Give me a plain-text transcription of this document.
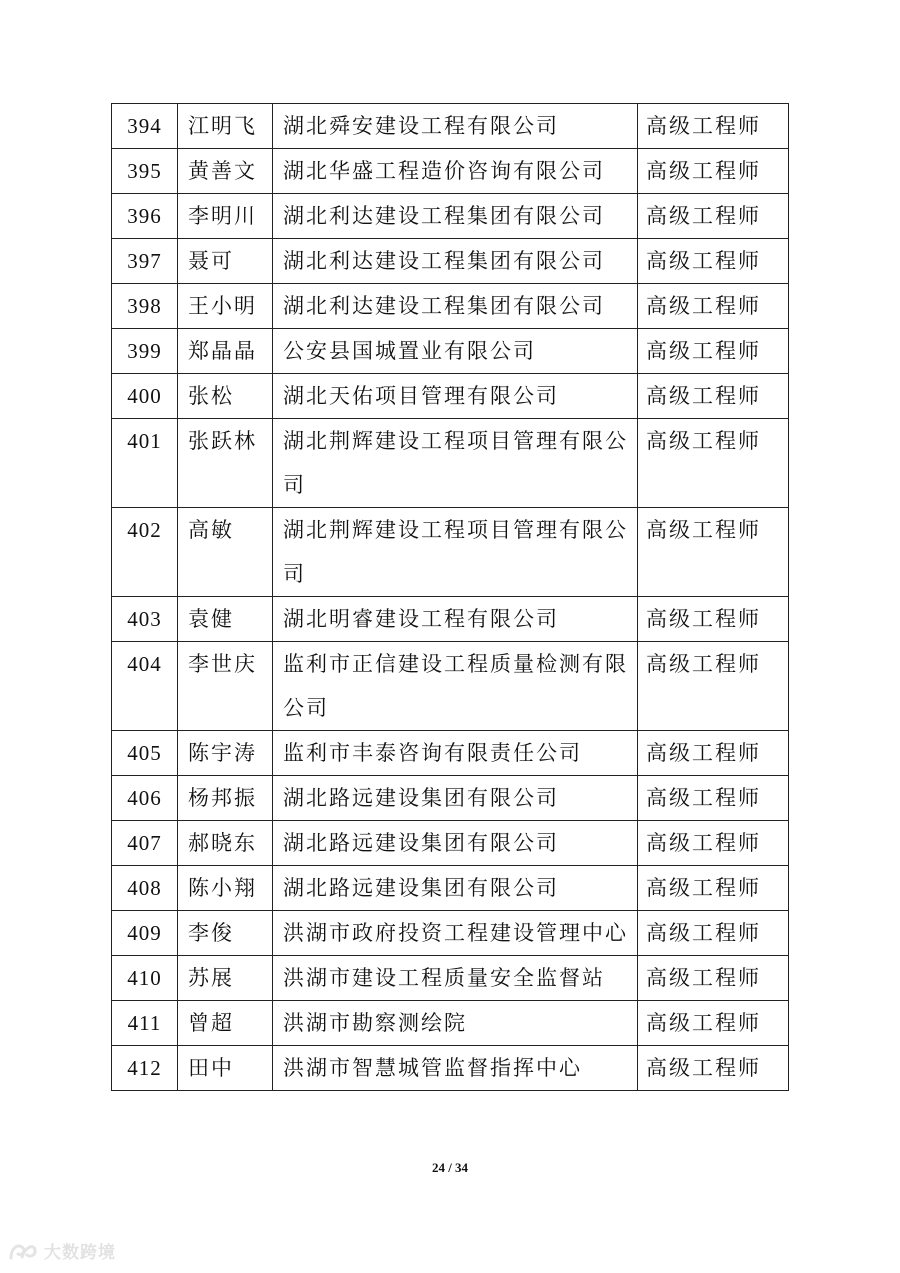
394	江明飞	湖北舜安建设工程有限公司	高级工程师
395	黄善文	湖北华盛工程造价咨询有限公司	高级工程师
396	李明川	湖北利达建设工程集团有限公司	高级工程师
397	聂可	湖北利达建设工程集团有限公司	高级工程师
398	王小明	湖北利达建设工程集团有限公司	高级工程师
399	郑晶晶	公安县国城置业有限公司	高级工程师
400	张松	湖北天佑项目管理有限公司	高级工程师
401	张跃林	湖北荆辉建设工程项目管理有限公司	高级工程师
402	高敏	湖北荆辉建设工程项目管理有限公司	高级工程师
403	袁健	湖北明睿建设工程有限公司	高级工程师
404	李世庆	监利市正信建设工程质量检测有限公司	高级工程师
405	陈宇涛	监利市丰泰咨询有限责任公司	高级工程师
406	杨邦振	湖北路远建设集团有限公司	高级工程师
407	郝晓东	湖北路远建设集团有限公司	高级工程师
408	陈小翔	湖北路远建设集团有限公司	高级工程师
409	李俊	洪湖市政府投资工程建设管理中心	高级工程师
410	苏展	洪湖市建设工程质量安全监督站	高级工程师
411	曾超	洪湖市勘察测绘院	高级工程师
412	田中	洪湖市智慧城管监督指挥中心	高级工程师
24 / 34
大数跨境
